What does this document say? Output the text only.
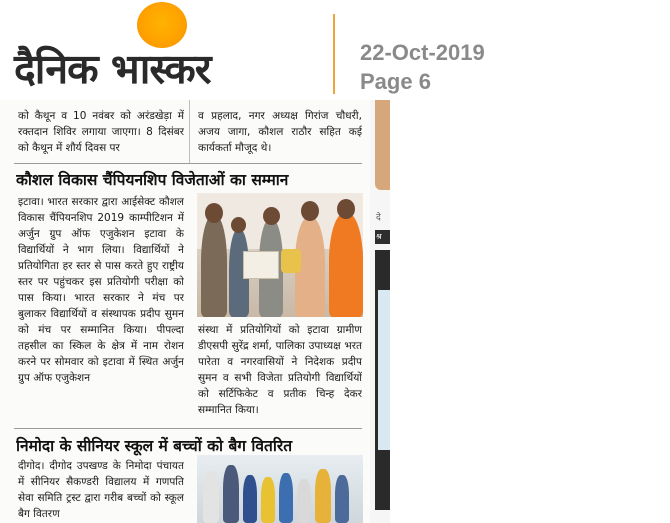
दैनिक भास्कर	22-Oct-2019
Page 6
को कैथून व 10 नवंबर को अरंडखेड़ा में रक्तदान शिविर लगाया जाएगा। 8 दिसंबर को कैथून में शौर्य दिवस पर
व प्रहलाद, नगर अध्यक्ष गिरांज चौधरी, अजय जागा, कौशल राठौर सहित कई कार्यकर्ता मौजूद थे।
कौशल विकास चैंपियनशिप विजेताओं का सम्मान
इटावा। भारत सरकार द्वारा आईसेक्ट कौशल विकास चैंपियनशिप 2019 काम्पीटिशन में अर्जुन ग्रुप ऑफ एजुकेशन इटावा के विद्यार्थियों ने भाग लिया। विद्यार्थियों ने प्रतियोगिता हर स्तर से पास करते हुए राष्ट्रीय स्तर पर पहुंचकर इस प्रतियोगी परीक्षा को पास किया। भारत सरकार ने मंच पर बुलाकर विद्यार्थियों व संस्थापक प्रदीप सुमन को मंच पर सम्मानित किया। पीपल्दा तहसील का स्किल के क्षेत्र में नाम रोशन करने पर सोमवार को इटावा में स्थित अर्जुन ग्रुप ऑफ एजुकेशन
संस्था में प्रतियोगियों को इटावा ग्रामीण डीएसपी सुरेंद्र शर्मा, पालिका उपाध्यक्ष भरत पारेता व नगरवासियों ने निदेशक प्रदीप सुमन व सभी विजेता प्रतियोगी विद्यार्थियों को सर्टिफिकेट व प्रतीक चिन्ह देकर सम्मानित किया।
निमोदा के सीनियर स्कूल में बच्चों को बैग वितरित
दीगोद। दीगोद उपखण्ड के निमोदा पंचायत में सीनियर सैकण्डरी विद्यालय में गणपति सेवा समिति ट्रस्ट द्वारा गरीब बच्चों को स्कूल बैग वितरण
दे
श्र
